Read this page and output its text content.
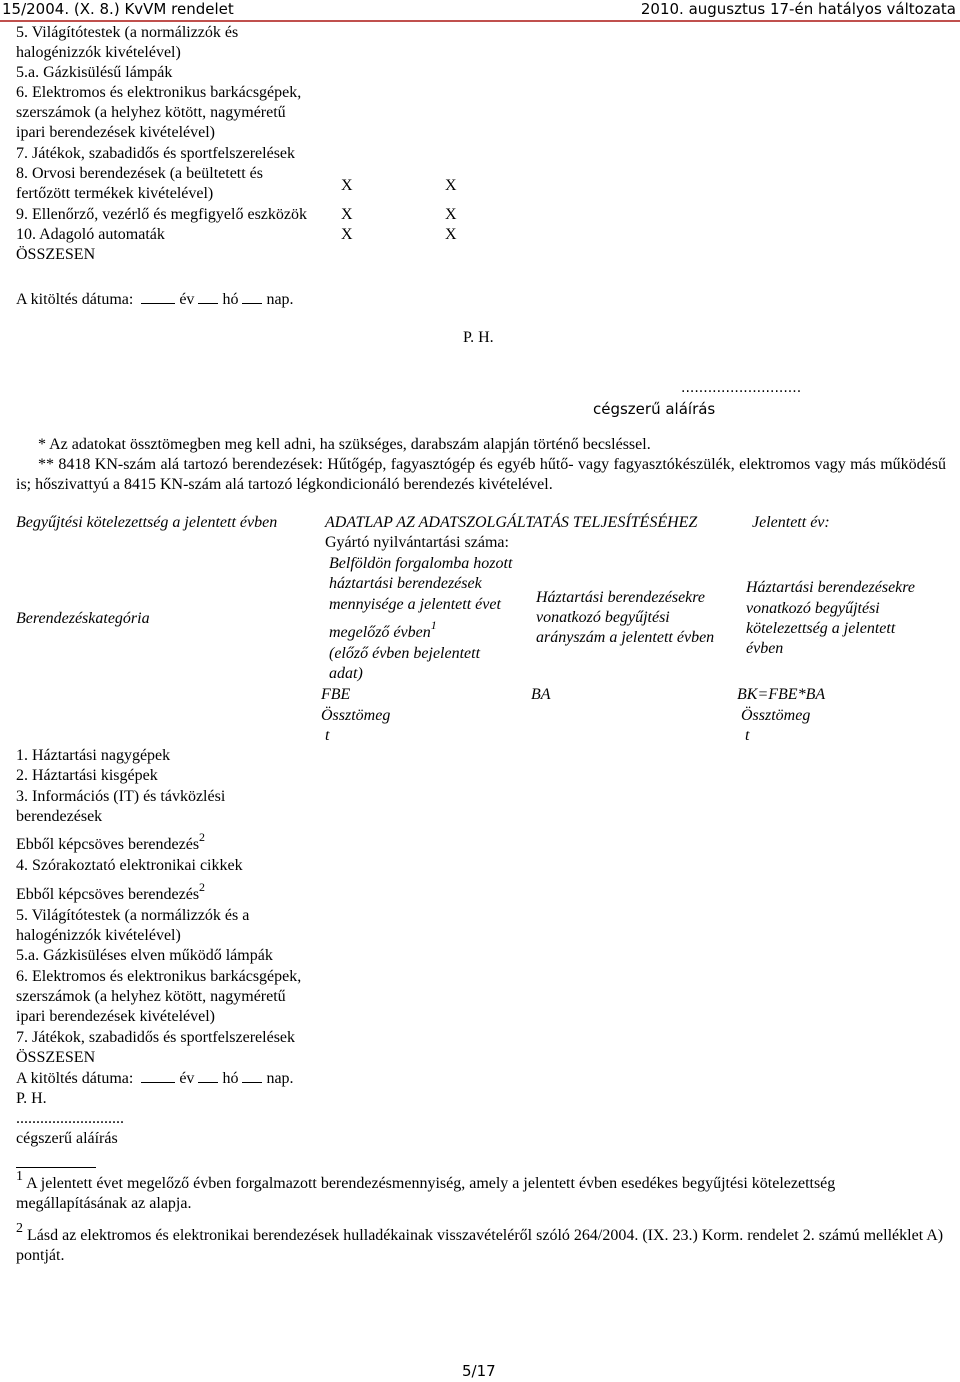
15/2004. (X. 8.) KvVM rendelet	2010. augusztus 17-én hatályos változata
5. Világítótestek (a normálizzók és
halogénizzók kivételével)
5.a. Gázkisülésű lámpák
6. Elektromos és elektronikus barkácsgépek,
szerszámok (a helyhez kötött, nagyméretű
ipari berendezések kivételével)
7. Játékok, szabadidős és sportfelszerelések
8. Orvosi berendezések (a beültetett és
fertőzött termékek kivételével)	X	X
9. Ellenőrző, vezérlő és megfigyelő eszközök X	X
10. Adagoló automaták	X	X
ÖSSZESEN
A kitöltés dátuma:	év hó nap.
P. H.
...........................
cégszerű aláírás
* Az adatokat össztömegben meg kell adni, ha szükséges, darabszám alapján történő becsléssel.
** 8418 KN-szám alá tartozó berendezések: Hűtőgép, fagyasztógép és egyéb hűtő- vagy fagyasztókészülék, elektromos vagy más működésű is; hőszivattyú a 8415 KN-szám alá tartozó légkondicionáló berendezés kivételével.
Begyűjtési kötelezettség a jelentett évben	ADATLAP AZ ADATSZOLGÁLTATÁS TELJESÍTÉSÉHEZ	Jelentett év:
Gyártó nyilvántartási száma:
Berendezéskategória
Belföldön forgalomba hozott
háztartási berendezések
mennyisége a jelentett évet
megelőző évben$^1$
(előző évben bejelentett
adat)
Háztartási berendezésekre
vonatkozó begyűjtési
arányszám a jelentett évben
Háztartási berendezésekre
vonatkozó begyűjtési
kötelezettség a jelentett
évben
FBE	BA	BK=FBE*BA
Össztömeg	Össztömeg
t	t
1. Háztartási nagygépek
2. Háztartási kisgépek
3. Információs (IT) és távközlési
berendezések
Ebből képcsöves berendezés$^2$
4. Szórakoztató elektronikai cikkek
Ebből képcsöves berendezés$^2$
5. Világítótestek (a normálizzók és a
halogénizzók kivételével)
5.a. Gázkisüléses elven működő lámpák
6. Elektromos és elektronikus barkácsgépek,
szerszámok (a helyhez kötött, nagyméretű
ipari berendezések kivételével)
7. Játékok, szabadidős és sportfelszerelések
ÖSSZESEN
A kitöltés dátuma:	év hó nap.
P. H.
...........................
cégszerű aláírás
$^1$ A jelentett évet megelőző évben forgalmazott berendezésmennyiség, amely a jelentett évben esedékes begyűjtési kötelezettség megállapításának az alapja.
$^2$ Lásd az elektromos és elektronikai berendezések hulladékainak visszavételéről szóló 264/2004. (IX. 23.) Korm. rendelet 2. számú melléklet A) pontját.
5/17
